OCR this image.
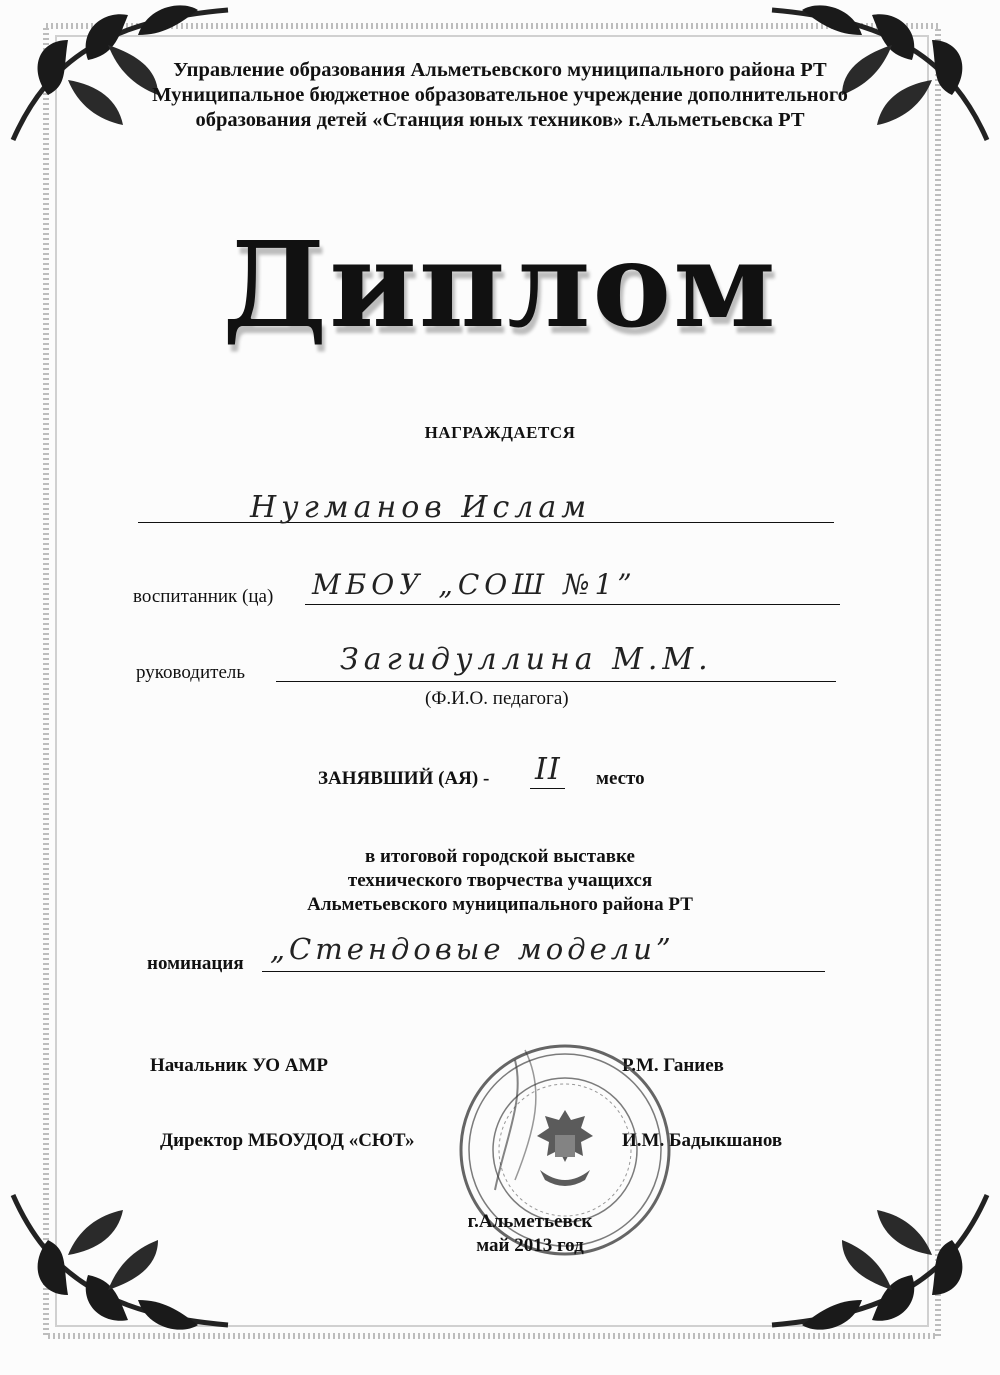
Управление образования Альметьевского муниципального района РТ
Муниципальное бюджетное образовательное учреждение дополнительного
образования детей «Станция юных техников» г.Альметьевска РТ
Диплом
НАГРАЖДАЕТСЯ
Нугманов Ислам
воспитанник (ца) МБОУ „СОШ №1”
руководитель	Загидуллина М.М.
(Ф.И.О. педагога)
ЗАНЯВШИЙ (АЯ) - II место
в итоговой городской выставке
технического творчества учащихся
Альметьевского муниципального района РТ
номинация „Стендовые модели”
Начальник УО АМР	Р.М. Ганиев
Директор МБОУДОД «СЮТ»	И.М. Бадыкшанов
г.Альметьевск
май 2013 год
